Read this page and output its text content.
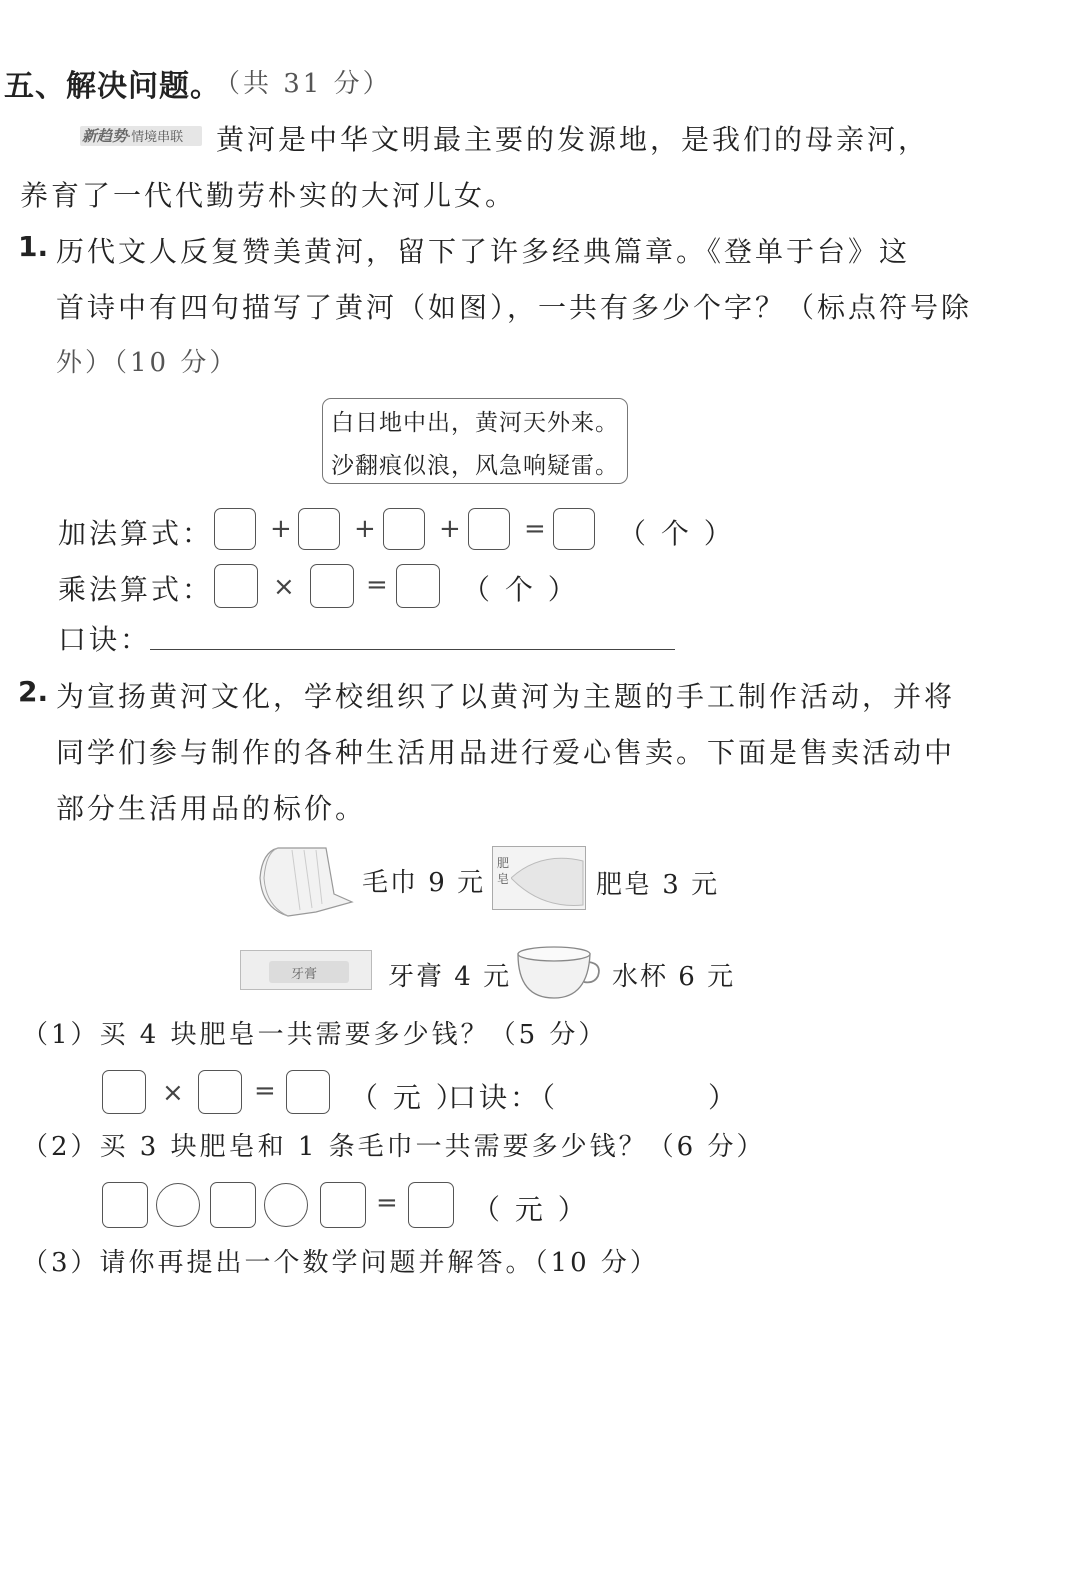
五、解决问题。
（共 31 分）
新趋势·情境串联	黄河是中华文明最主要的发源地，是我们的母亲河，
养育了一代代勤劳朴实的大河儿女。
1. 历代文人反复赞美黄河，留下了许多经典篇章。《登单于台》这
首诗中有四句描写了黄河（如图），一共有多少个字？（标点符号除
外）（10 分）
白日地中出，黄河天外来。
沙翻痕似浪，风急响疑雷。
加法算式： + + + =	（ 个 ）
乘法算式： ×	=	（ 个 ）
口诀：
2. 为宣扬黄河文化，学校组织了以黄河为主题的手工制作活动，并将
同学们参与制作的各种生活用品进行爱心售卖。下面是售卖活动中
部分生活用品的标价。
毛巾 9 元
肥皂	肥皂 3 元
牙膏	牙膏 4 元	水杯 6 元
（1）买 4 块肥皂一共需要多少钱？（5 分）
×	=	（ 元 ）
口诀：（	）
（2）买 3 块肥皂和 1 条毛巾一共需要多少钱？（6 分）
=	（ 元 ）
（3）请你再提出一个数学问题并解答。（10 分）
